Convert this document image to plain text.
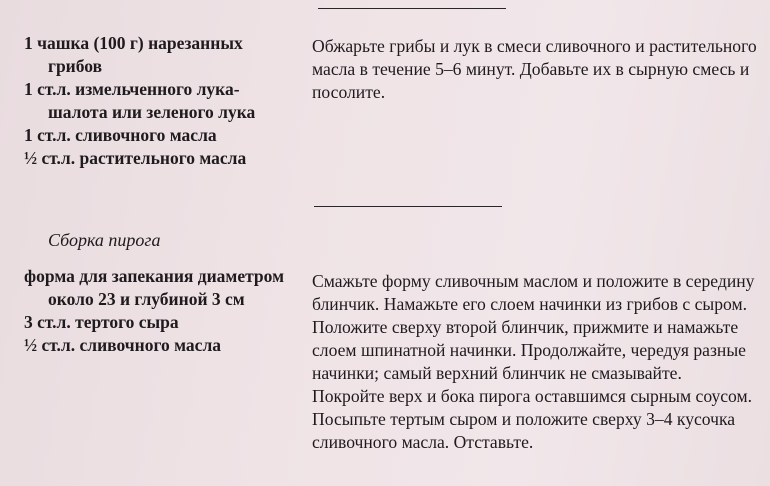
1 чашка (100 г) нарезанных грибов
1 ст.л. измельченного лука-шалота или зеленого лука
1 ст.л. сливочного масла
½ ст.л. растительного масла

Обжарьте грибы и лук в смеси сливочного и растительного масла в течение 5–6 минут. Добавьте их в сырную смесь и посолите.

Сборка пирога

форма для запекания диаметром около 23 и глубиной 3 см
3 ст.л. тертого сыра
½ ст.л. сливочного масла

Смажьте форму сливочным маслом и положите в середину блинчик. Намажьте его слоем начинки из грибов с сыром. Положите сверху второй блинчик, прижмите и намажьте слоем шпинатной начинки. Продолжайте, чередуя разные начинки; самый верхний блинчик не смазывайте. Покройте верх и бока пирога оставшимся сырным соусом. Посыпьте тертым сыром и положите сверху 3–4 кусочка сливочного масла. Отставьте.
